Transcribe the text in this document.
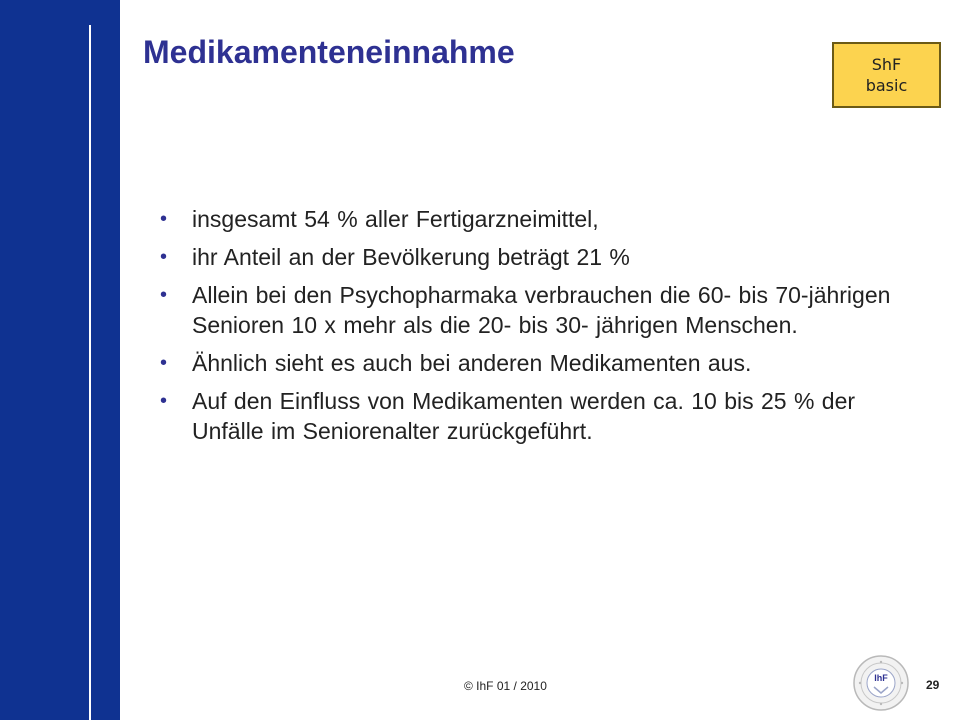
Medikamenteneinnahme	ShF
basic
•	insgesamt 54 % aller Fertigarzneimittel,
•	ihr Anteil an der Bevölkerung beträgt 21 %
•	Allein bei den Psychopharmaka verbrauchen die 60- bis 70-jährigen Senioren 10 x mehr als die 20- bis 30- jährigen Menschen.
•	Ähnlich sieht es auch bei anderen Medikamenten aus.
•	Auf den Einfluss von Medikamenten werden ca. 10 bis 25 % der Unfälle im Seniorenalter zurückgeführt.
© IhF 01 / 2010
IhF	29
